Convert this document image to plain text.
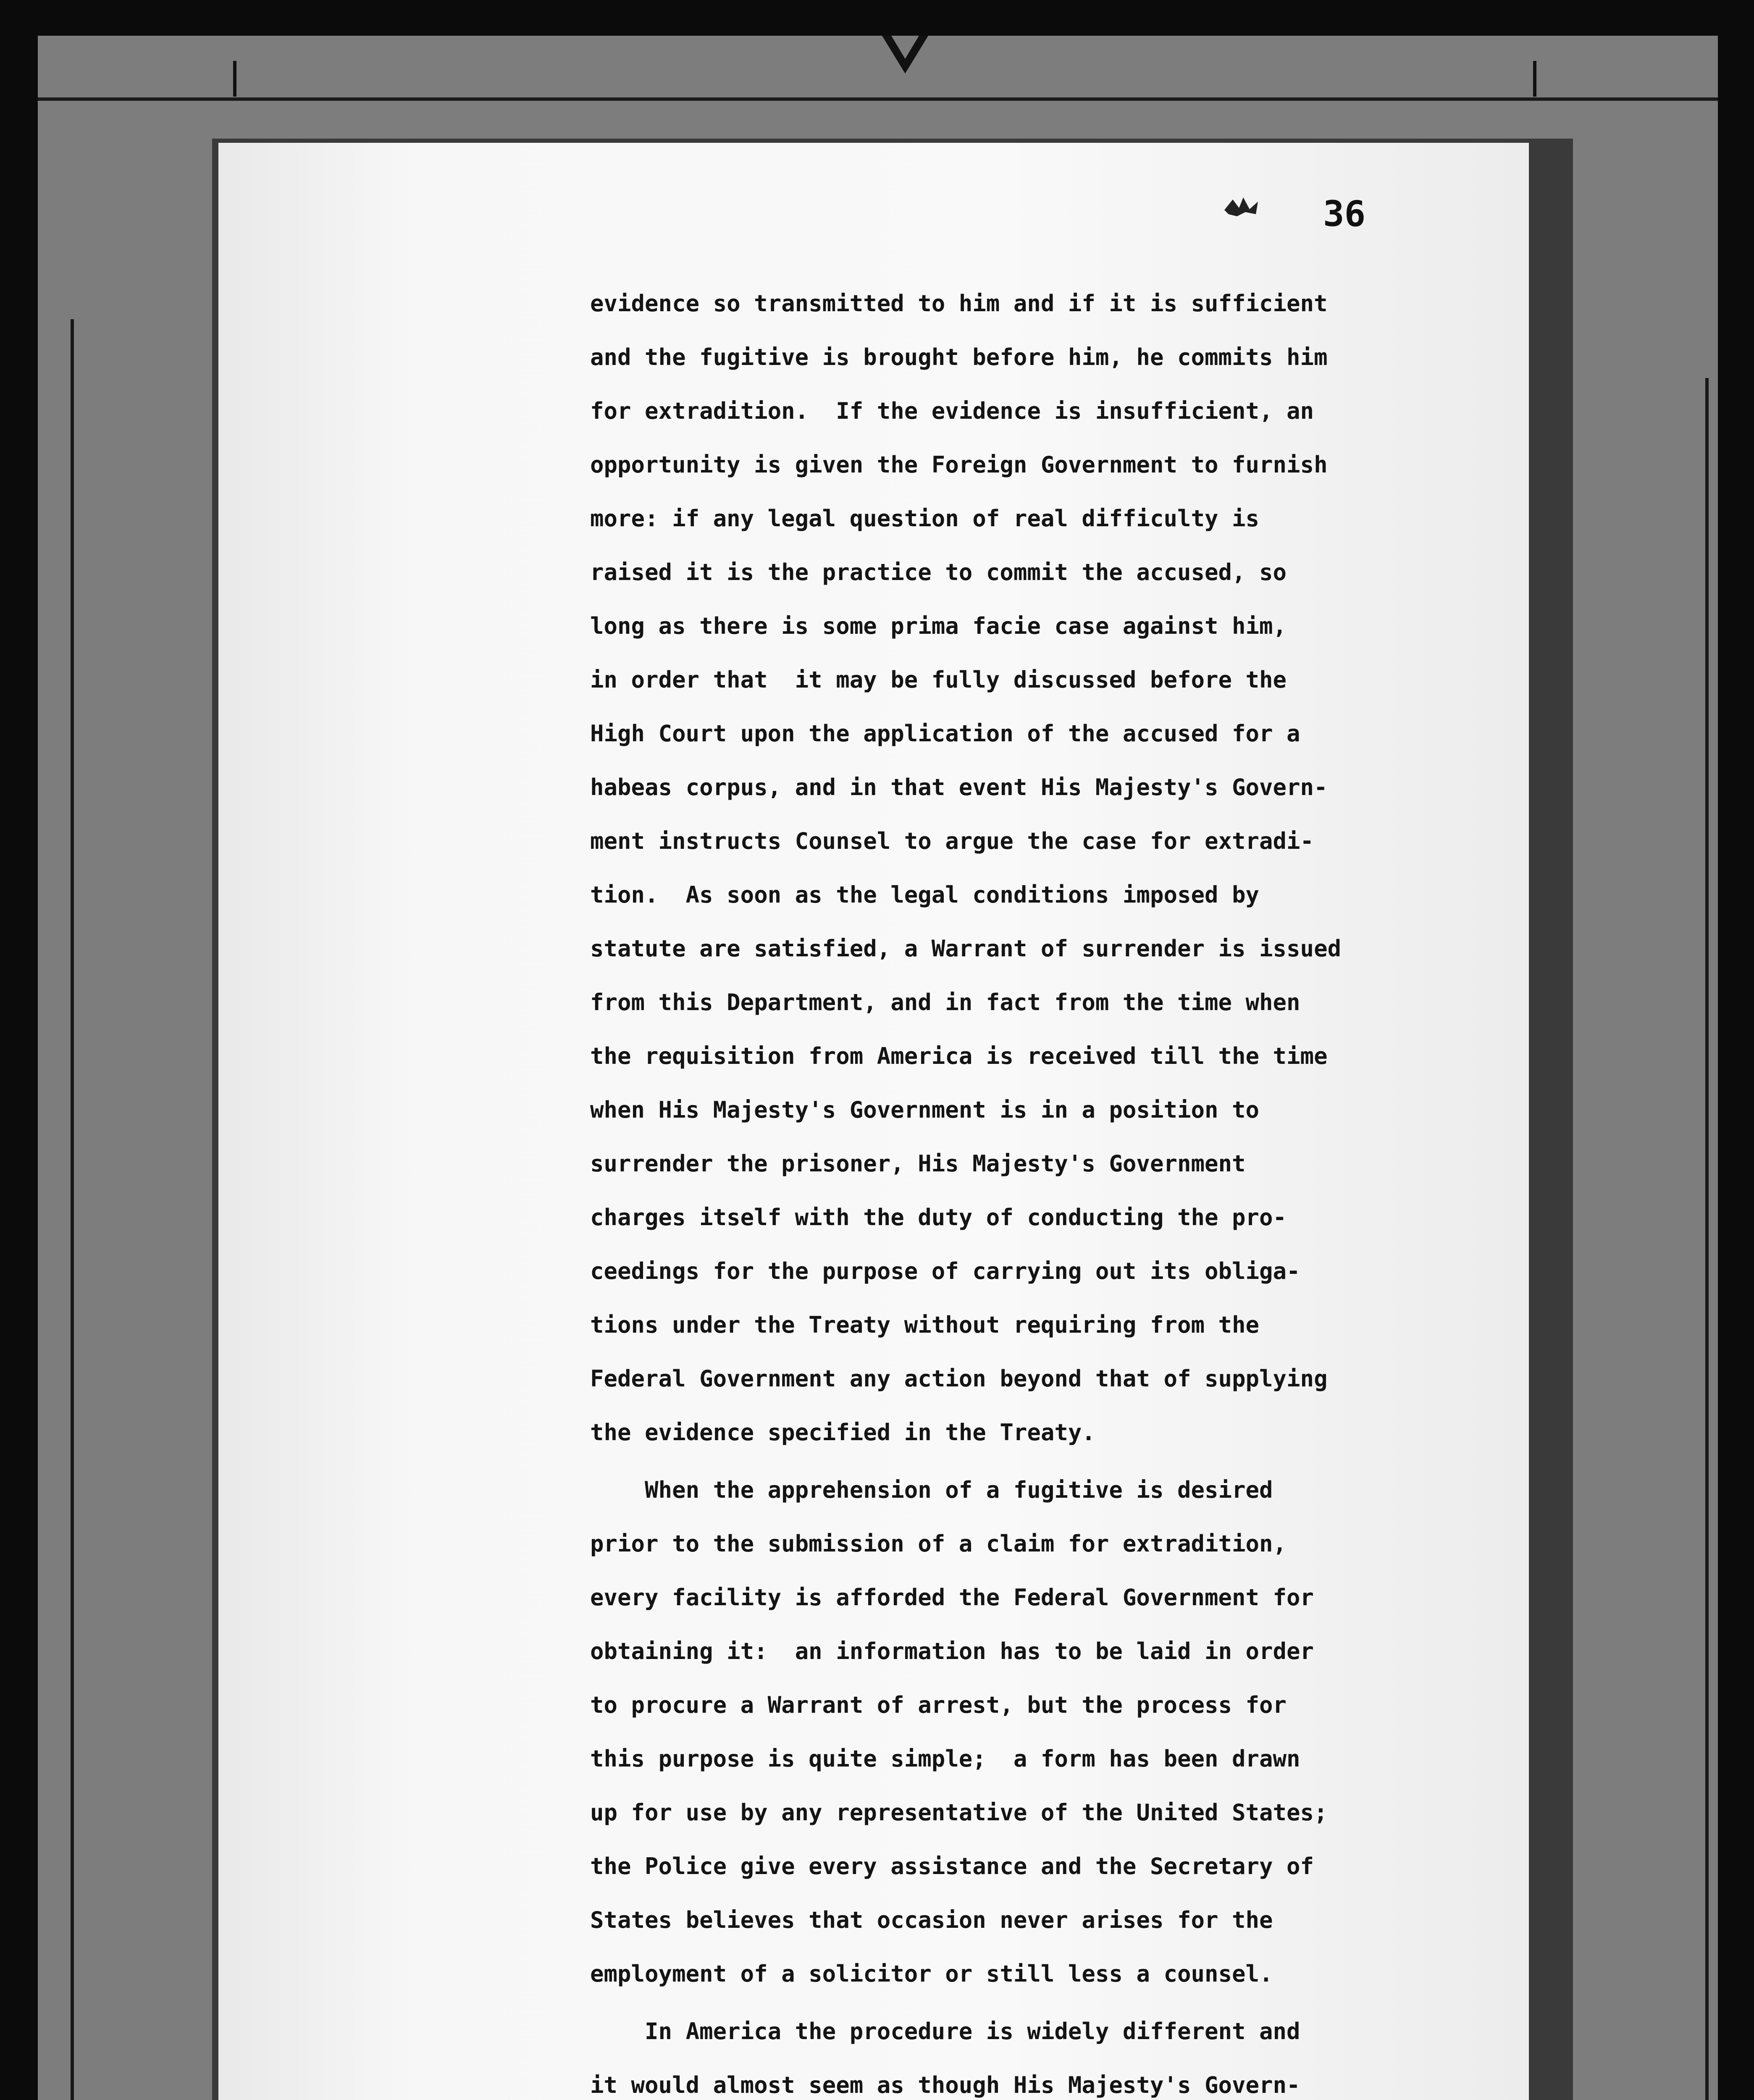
36
evidence so transmitted to him and if it is sufficient
and the fugitive is brought before him, he commits him
for extradition.  If the evidence is insufficient, an
opportunity is given the Foreign Government to furnish
more: if any legal question of real difficulty is
raised it is the practice to commit the accused, so
long as there is some prima facie case against him,
in order that  it may be fully discussed before the
High Court upon the application of the accused for a
habeas corpus, and in that event His Majesty's Govern-
ment instructs Counsel to argue the case for extradi-
tion.  As soon as the legal conditions imposed by
statute are satisfied, a Warrant of surrender is issued
from this Department, and in fact from the time when
the requisition from America is received till the time
when His Majesty's Government is in a position to
surrender the prisoner, His Majesty's Government
charges itself with the duty of conducting the pro-
ceedings for the purpose of carrying out its obliga-
tions under the Treaty without requiring from the
Federal Government any action beyond that of supplying
the evidence specified in the Treaty.
When the apprehension of a fugitive is desired
prior to the submission of a claim for extradition,
every facility is afforded the Federal Government for
obtaining it:  an information has to be laid in order
to procure a Warrant of arrest, but the process for
this purpose is quite simple;  a form has been drawn
up for use by any representative of the United States;
the Police give every assistance and the Secretary of
States believes that occasion never arises for the
employment of a solicitor or still less a counsel.
In America the procedure is widely different and
it would almost seem as though His Majesty's Govern-
